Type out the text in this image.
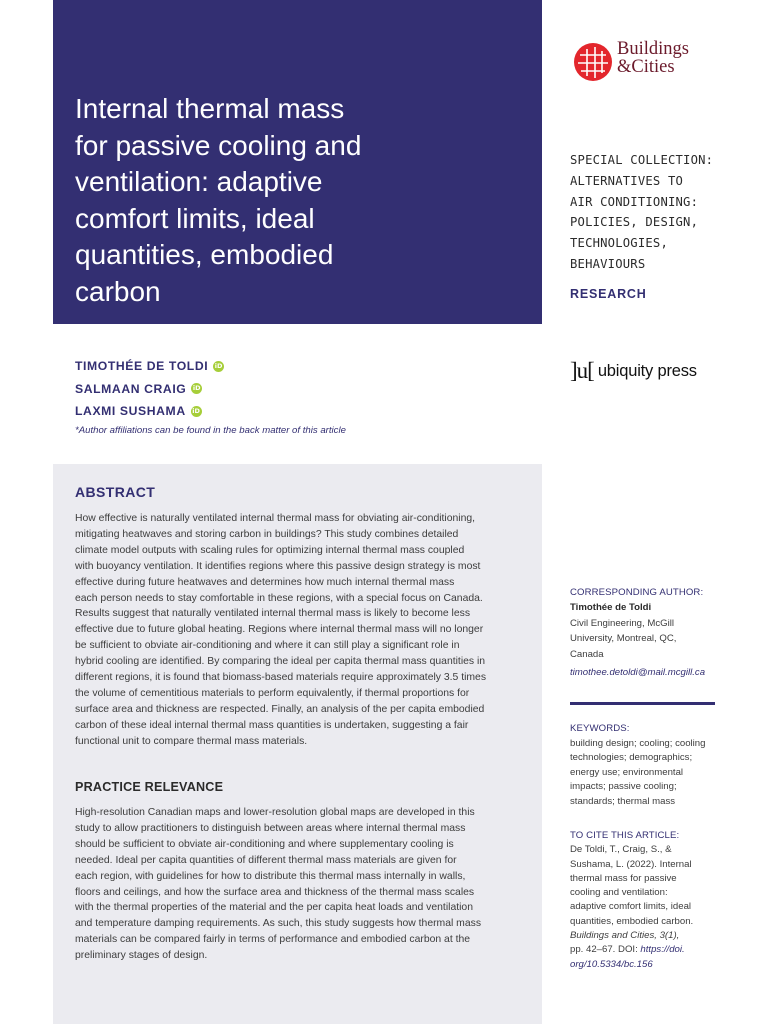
Internal thermal mass
for passive cooling and
ventilation: adaptive
comfort limits, ideal
quantities, embodied
carbon
Buildings
&Cities
SPECIAL COLLECTION:
ALTERNATIVES TO
AIR CONDITIONING:
POLICIES, DESIGN,
TECHNOLOGIES,
BEHAVIOURS
RESEARCH
TIMOTHÉE DE TOLDI
iD
SALMAAN CRAIG
iD
LAXMI SUSHAMA
iD
*Author affiliations can be found in the back matter of this article
]u[ ubiquity press
ABSTRACT
How effective is naturally ventilated internal thermal mass for obviating air-conditioning,
mitigating heatwaves and storing carbon in buildings? This study combines detailed
climate model outputs with scaling rules for optimizing internal thermal mass coupled
with buoyancy ventilation. It identifies regions where this passive design strategy is most
effective during future heatwaves and determines how much internal thermal mass
each person needs to stay comfortable in these regions, with a special focus on Canada.
Results suggest that naturally ventilated internal thermal mass is likely to become less
effective due to future global heating. Regions where internal thermal mass will no longer
be sufficient to obviate air-conditioning and where it can still play a significant role in
hybrid cooling are identified. By comparing the ideal per capita thermal mass quantities in
different regions, it is found that biomass-based materials require approximately 3.5 times
the volume of cementitious materials to perform equivalently, if thermal proportions for
surface area and thickness are respected. Finally, an analysis of the per capita embodied
carbon of these ideal internal thermal mass quantities is undertaken, suggesting a fair
functional unit to compare thermal mass materials.
PRACTICE RELEVANCE
High-resolution Canadian maps and lower-resolution global maps are developed in this
study to allow practitioners to distinguish between areas where internal thermal mass
should be sufficient to obviate air-conditioning and where supplementary cooling is
needed. Ideal per capita quantities of different thermal mass materials are given for
each region, with guidelines for how to distribute this thermal mass internally in walls,
floors and ceilings, and how the surface area and thickness of the thermal mass scales
with the thermal properties of the material and the per capita heat loads and ventilation
and temperature damping requirements. As such, this study suggests how thermal mass
materials can be compared fairly in terms of performance and embodied carbon at the
preliminary stages of design.
CORRESPONDING AUTHOR:
Timothée de Toldi
Civil Engineering, McGill
University, Montreal, QC,
Canada
timothee.detoldi@mail.mcgill.ca
KEYWORDS:
building design; cooling; cooling
technologies; demographics;
energy use; environmental
impacts; passive cooling;
standards; thermal mass
TO CITE THIS ARTICLE:
De Toldi, T., Craig, S., &
Sushama, L. (2022). Internal
thermal mass for passive
cooling and ventilation:
adaptive comfort limits, ideal
quantities, embodied carbon.
Buildings and Cities, 3(1),
pp. 42–67. DOI: https://doi.
org/10.5334/bc.156
